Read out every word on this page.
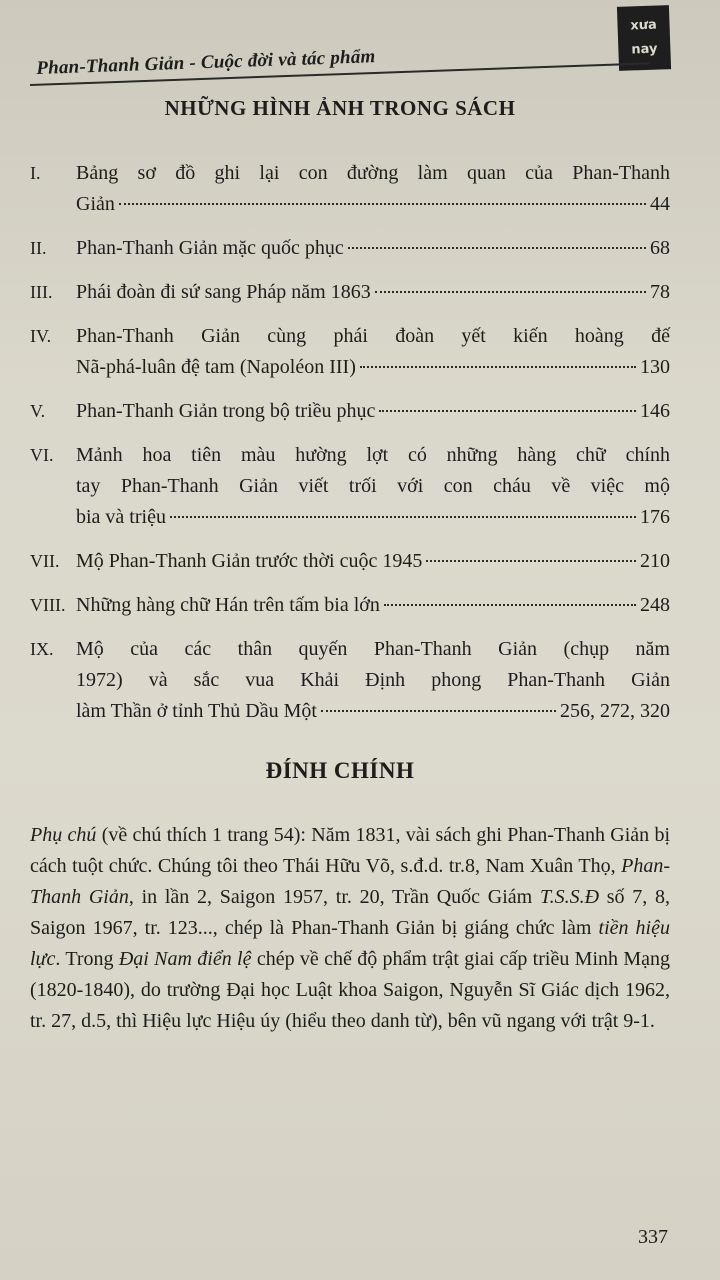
xưa nay
Phan-Thanh Giản - Cuộc đời và tác phẩm
NHỮNG HÌNH ẢNH TRONG SÁCH
I.	Bảng sơ đồ ghi lại con đường làm quan của Phan-Thanh
Giản	44
II.	Phan-Thanh Giản mặc quốc phục	68
III.	Phái đoàn đi sứ sang Pháp năm 1863	78
IV.	Phan-Thanh Giản cùng phái đoàn yết kiến hoàng đế
Nã-phá-luân đệ tam (Napoléon III)	130
V.	Phan-Thanh Giản trong bộ triều phục	146
VI.	Mảnh hoa tiên màu hường lợt có những hàng chữ chính
tay Phan-Thanh Giản viết trối với con cháu về việc mộ
bia và triệu	176
VII. Mộ Phan-Thanh Giản trước thời cuộc 1945	210
VIII. Những hàng chữ Hán trên tấm bia lớn	248
IX.	Mộ của các thân quyến Phan-Thanh Giản (chụp năm
1972) và sắc vua Khải Định phong Phan-Thanh Giản
làm Thần ở tỉnh Thủ Dầu Một	256, 272, 320
ĐÍNH CHÍNH
Phụ chú (về chú thích 1 trang 54): Năm 1831, vài sách ghi Phan-Thanh Giản bị cách tuột chức. Chúng tôi theo Thái Hữu Võ, s.đ.d. tr.8, Nam Xuân Thọ, Phan-Thanh Giản, in lần 2, Saigon 1957, tr. 20, Trần Quốc Giám T.S.S.Đ số 7, 8, Saigon 1967, tr. 123..., chép là Phan-Thanh Giản bị giáng chức làm tiền hiệu lực. Trong Đại Nam điển lệ chép về chế độ phẩm trật giai cấp triều Minh Mạng (1820-1840), do trường Đại học Luật khoa Saigon, Nguyễn Sĩ Giác dịch 1962, tr. 27, d.5, thì Hiệu lực Hiệu úy (hiểu theo danh từ), bên vũ ngang với trật 9-1.
337
